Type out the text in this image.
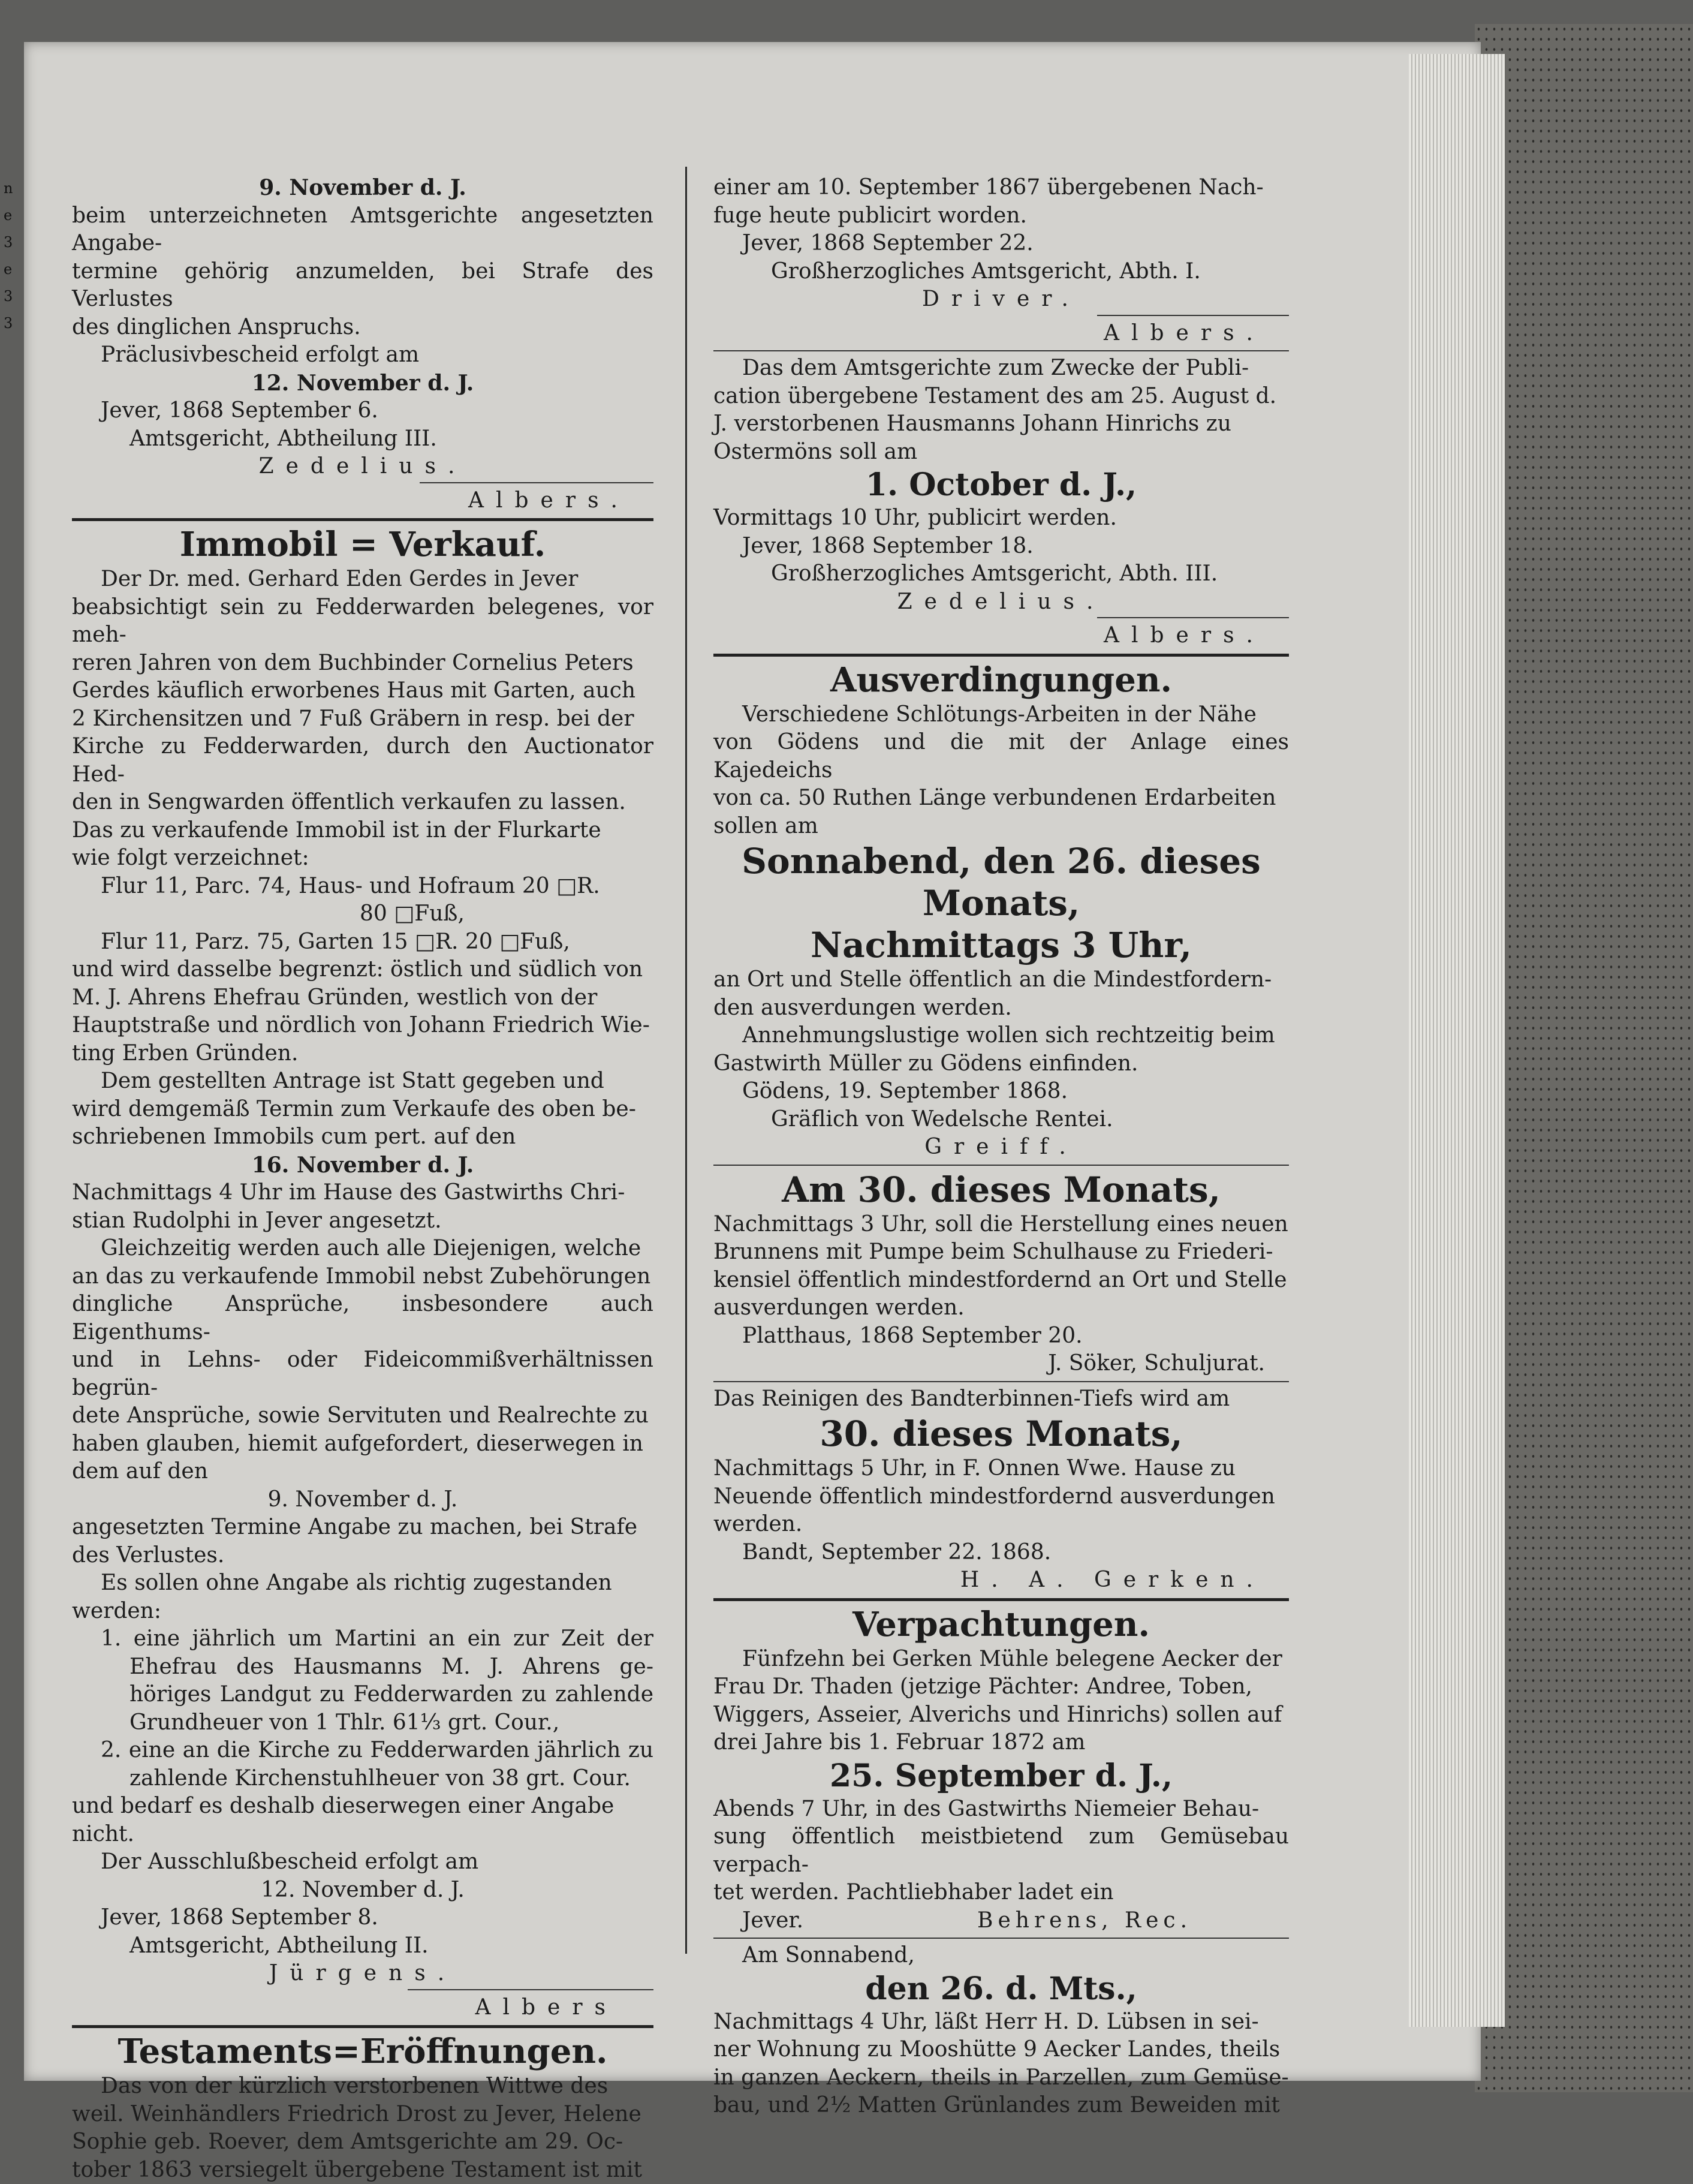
n
e
3
e
3
3

9. November d. J.

beim unterzeichneten Amtsgerichte angesetzten Angabe-

termine gehörig anzumelden, bei Strafe des Verlustes

des dinglichen Anspruchs.

Präclusivbescheid erfolgt am

12. November d. J.

Jever, 1868 September 6.

Amtsgericht, Abtheilung III.

Zedelius.

Albers.

Immobil = Verkauf.

Der Dr. med. Gerhard Eden Gerdes in Jever

beabsichtigt sein zu Fedderwarden belegenes, vor meh-

reren Jahren von dem Buchbinder Cornelius Peters

Gerdes käuflich erworbenes Haus mit Garten, auch

2 Kirchensitzen und 7 Fuß Gräbern in resp. bei der

Kirche zu Fedderwarden, durch den Auctionator Hed-

den in Sengwarden öffentlich verkaufen zu lassen.

Das zu verkaufende Immobil ist in der Flurkarte

wie folgt verzeichnet:

Flur 11, Parc. 74, Haus- und Hofraum 20 □R.

80 □Fuß,

Flur 11, Parz. 75, Garten 15 □R. 20 □Fuß,

und wird dasselbe begrenzt: östlich und südlich von

M. J. Ahrens Ehefrau Gründen, westlich von der

Hauptstraße und nördlich von Johann Friedrich Wie-

ting Erben Gründen.

Dem gestellten Antrage ist Statt gegeben und

wird demgemäß Termin zum Verkaufe des oben be-

schriebenen Immobils cum pert. auf den

16. November d. J.

Nachmittags 4 Uhr im Hause des Gastwirths Chri-

stian Rudolphi in Jever angesetzt.

Gleichzeitig werden auch alle Diejenigen, welche

an das zu verkaufende Immobil nebst Zubehörungen

dingliche Ansprüche, insbesondere auch Eigenthums-

und in Lehns- oder Fideicommißverhältnissen begrün-

dete Ansprüche, sowie Servituten und Realrechte zu

haben glauben, hiemit aufgefordert, dieserwegen in

dem auf den

9. November d. J.

angesetzten Termine Angabe zu machen, bei Strafe

des Verlustes.

Es sollen ohne Angabe als richtig zugestanden

werden:

1. eine jährlich um Martini an ein zur Zeit der Ehefrau des Hausmanns M. J. Ahrens ge- höriges Landgut zu Fedderwarden zu zahlende Grundheuer von 1 Thlr. 61⅓ grt. Cour.,

2. eine an die Kirche zu Fedderwarden jährlich zu zahlende Kirchenstuhlheuer von 38 grt. Cour.

und bedarf es deshalb dieserwegen einer Angabe nicht.

Der Ausschlußbescheid erfolgt am

12. November d. J.

Jever, 1868 September 8.

Amtsgericht, Abtheilung II.

Jürgens.

Albers

Testaments=Eröffnungen.

Das von der kürzlich verstorbenen Wittwe des

weil. Weinhändlers Friedrich Drost zu Jever, Helene

Sophie geb. Roever, dem Amtsgerichte am 29. Oc-

tober 1863 versiegelt übergebene Testament ist mit

einer am 10. September 1867 übergebenen Nach-

fuge heute publicirt worden.

Jever, 1868 September 22.

Großherzogliches Amtsgericht, Abth. I.

Driver.

Albers.

Das dem Amtsgerichte zum Zwecke der Publi-

cation übergebene Testament des am 25. August d.

J. verstorbenen Hausmanns Johann Hinrichs zu

Ostermöns soll am

1. October d. J.,

Vormittags 10 Uhr, publicirt werden.

Jever, 1868 September 18.

Großherzogliches Amtsgericht, Abth. III.

Zedelius.

Albers.

Ausverdingungen.

Verschiedene Schlötungs-Arbeiten in der Nähe

von Gödens und die mit der Anlage eines Kajedeichs

von ca. 50 Ruthen Länge verbundenen Erdarbeiten

sollen am

Sonnabend, den 26. dieses Monats,

Nachmittags 3 Uhr,

an Ort und Stelle öffentlich an die Mindestfordern-

den ausverdungen werden.

Annehmungslustige wollen sich rechtzeitig beim

Gastwirth Müller zu Gödens einfinden.

Gödens, 19. September 1868.

Gräflich von Wedelsche Rentei.

Greiff.

Am 30. dieses Monats,

Nachmittags 3 Uhr, soll die Herstellung eines neuen

Brunnens mit Pumpe beim Schulhause zu Friederi-

kensiel öffentlich mindestfordernd an Ort und Stelle

ausverdungen werden.

Platthaus, 1868 September 20.

J. Söker, Schuljurat.

Das Reinigen des Bandterbinnen-Tiefs wird am

30. dieses Monats,

Nachmittags 5 Uhr, in F. Onnen Wwe. Hause zu

Neuende öffentlich mindestfordernd ausverdungen

werden.

Bandt, September 22. 1868.

H. A. Gerken.

Verpachtungen.

Fünfzehn bei Gerken Mühle belegene Aecker der

Frau Dr. Thaden (jetzige Pächter: Andree, Toben,

Wiggers, Asseier, Alverichs und Hinrichs) sollen auf

drei Jahre bis 1. Februar 1872 am

25. September d. J.,

Abends 7 Uhr, in des Gastwirths Niemeier Behau-

sung öffentlich meistbietend zum Gemüsebau verpach-

tet werden. Pachtliebhaber ladet ein

Jever.	Behrens, Rec.

Am Sonnabend,

den 26. d. Mts.,

Nachmittags 4 Uhr, läßt Herr H. D. Lübsen in sei-

ner Wohnung zu Mooshütte 9 Aecker Landes, theils

in ganzen Aeckern, theils in Parzellen, zum Gemüse-

bau, und 2½ Matten Grünlandes zum Beweiden mit
